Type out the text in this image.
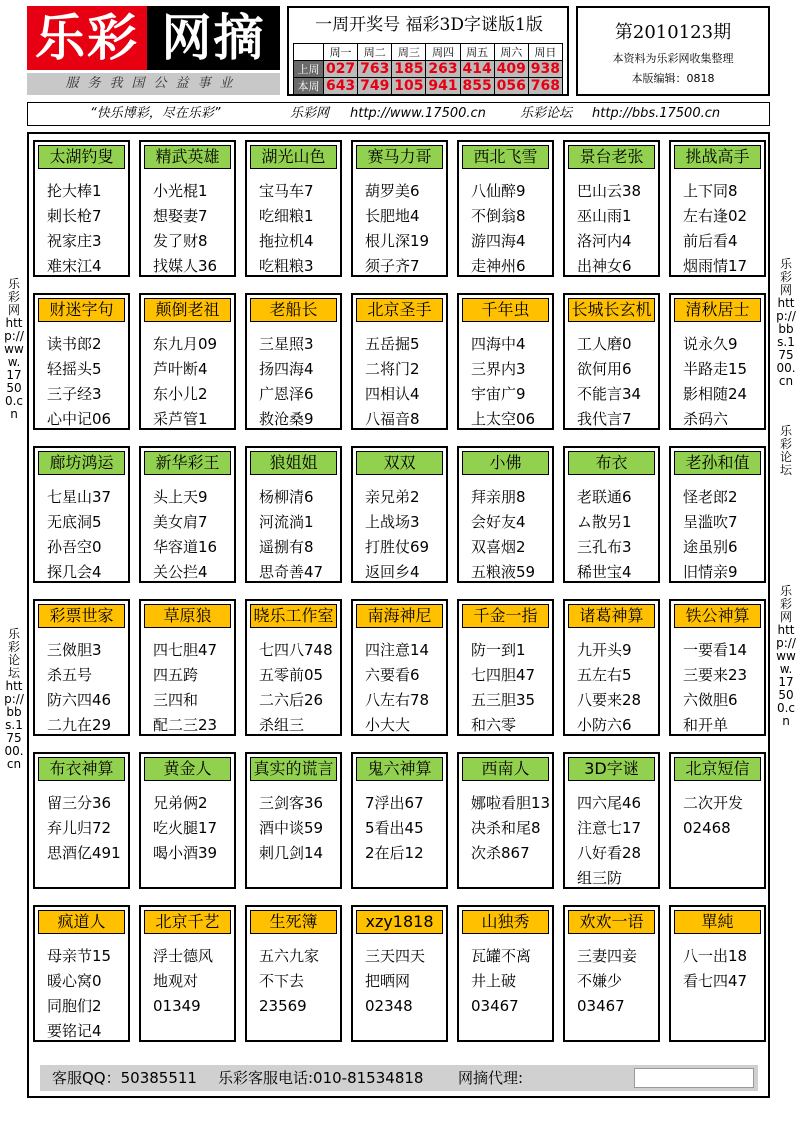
乐彩 网摘
服务我国公益事业
一周开奖号 福彩3D字谜版1版
	周一	周二	周三	周四	周五	周六	周日
上周	027	763	185	263	414	409	938
本周	643	749	105	941	855	056	768
第2010123期
本资料为乐彩网收集整理
本版编辑：0818
“快乐博彩，尽在乐彩”	乐彩网 http://www.17500.cn	乐彩论坛 http://bbs.17500.cn
乐彩网 http://www.17500.cn
乐彩论坛 http://bbs.17500.cn
乐彩网 http://bbs.17500.cn
乐彩论坛
乐彩网 http://www.17500.cn
太湖钓叟
抡大棒1
刺长枪7
祝家庄3
难宋江4
精武英雄
小光棍1
想娶妻7
发了财8
找媒人36
湖光山色
宝马车7
吃细粮1
拖拉机4
吃粗粮3
赛马力哥
葫罗美6
长肥地4
根儿深19
须子齐7
西北飞雪
八仙醉9
不倒翁8
游四海4
走神州6
景台老张
巴山云38
巫山雨1
洛河内4
出神女6
挑战高手
上下同8
左右逢02
前后看4
烟雨情17
财迷字句
读书郎2
轻摇头5
三子经3
心中记06
颠倒老祖
东九月09
芦叶断4
东小儿2
采芦管1
老船长
三星照3
扬四海4
广恩泽6
救沧桑9
北京圣手
五岳掘5
二将门2
四相认4
八福音8
千年虫
四海中4
三界内3
宇宙广9
上太空06
长城长玄机
工人磨0
欲何用6
不能言34
我代言7
清秋居士
说永久9
半路走15
影相随24
杀码六
廊坊鸿运
七星山37
无底洞5
孙吾空0
探几会4
新华彩王
头上天9
美女肩7
华容道16
关公拦4
狼姐姐
杨柳清6
河流淌1
遥捌有8
思奇善47
双双
亲兄弟2
上战场3
打胜仗69
返回乡4
小佛
拜亲朋8
会好友4
双喜烟2
五粮液59
布衣
老联通6
ム散另1
三孔布3
稀世宝4
老孙和值
怪老郎2
呈滥吹7
途虽别6
旧情亲9
彩票世家
三傚胆3
杀五号
防六四46
二九在29
草原狼
四七胆47
四五跨
三四和
配二三23
晓乐工作室
七四八748
五零前05
二六后26
杀组三
南海神尼
四注意14
六要看6
八左右78
小大大
千金一指
防一到1
七四胆47
五三胆35
和六零
诸葛神算
九开头9
五左右5
八要来28
小防六6
铁公神算
一要看14
三要来23
六傚胆6
和开单
布衣神算
留三分36
弃儿归72
思酒亿491
黄金人
兄弟俩2
吃火腿17
喝小酒39
真实的谎言
三剑客36
酒中谈59
刺几剑14
鬼六神算
7浮出67
5看出45
2在后12
西南人
娜啦看胆13
决杀和尾8
次杀867
3D字谜
四六尾46
注意七17
八好看28
组三防
北京短信
二次开发
02468
疯道人
母亲节15
暖心窝0
同胞们2
要铭记4
北京千艺
浮士德风
地观对
01349
生死簿
五六九家
不下去
23569
xzy1818
三天四天
把晒网
02348
山独秀
瓦罐不离
井上破
03467
欢欢一语
三妻四妾
不嫌少
03467
單純
八一出18
看七四47
客服QQ：50385511 乐彩客服电话:010-81534818 网摘代理:
